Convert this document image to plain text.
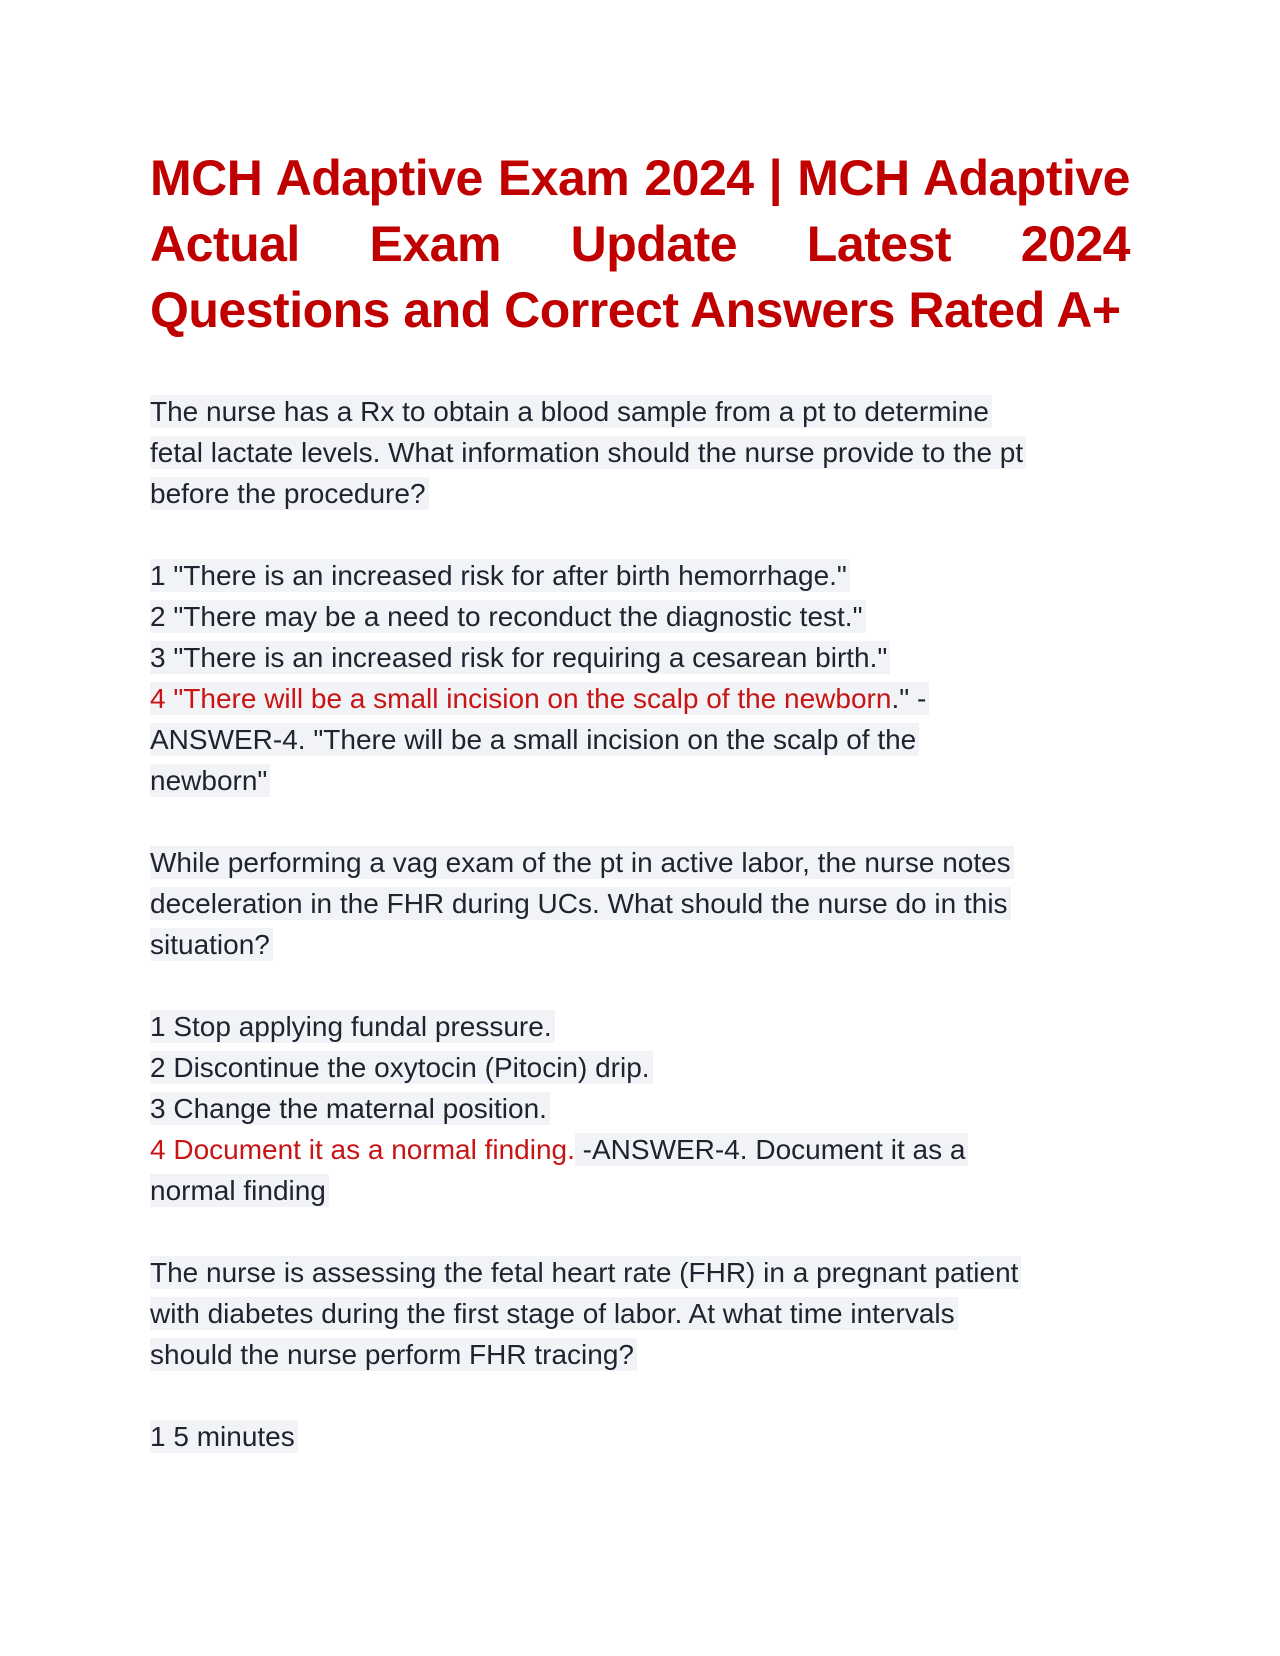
MCH Adaptive Exam 2024 | MCH Adaptive Actual Exam Update Latest 2024 Questions and Correct Answers Rated A+

The nurse has a Rx to obtain a blood sample from a pt to determine

fetal lactate levels. What information should the nurse provide to the pt

before the procedure?

1 "There is an increased risk for after birth hemorrhage."

2 "There may be a need to reconduct the diagnostic test."

3 "There is an increased risk for requiring a cesarean birth."

4 "There will be a small incision on the scalp of the newborn." -

ANSWER-4. "There will be a small incision on the scalp of the

newborn"

While performing a vag exam of the pt in active labor, the nurse notes

deceleration in the FHR during UCs. What should the nurse do in this

situation?

1 Stop applying fundal pressure.

2 Discontinue the oxytocin (Pitocin) drip.

3 Change the maternal position.

4 Document it as a normal finding. -ANSWER-4. Document it as a

normal finding

The nurse is assessing the fetal heart rate (FHR) in a pregnant patient

with diabetes during the first stage of labor. At what time intervals

should the nurse perform FHR tracing?

1 5 minutes
